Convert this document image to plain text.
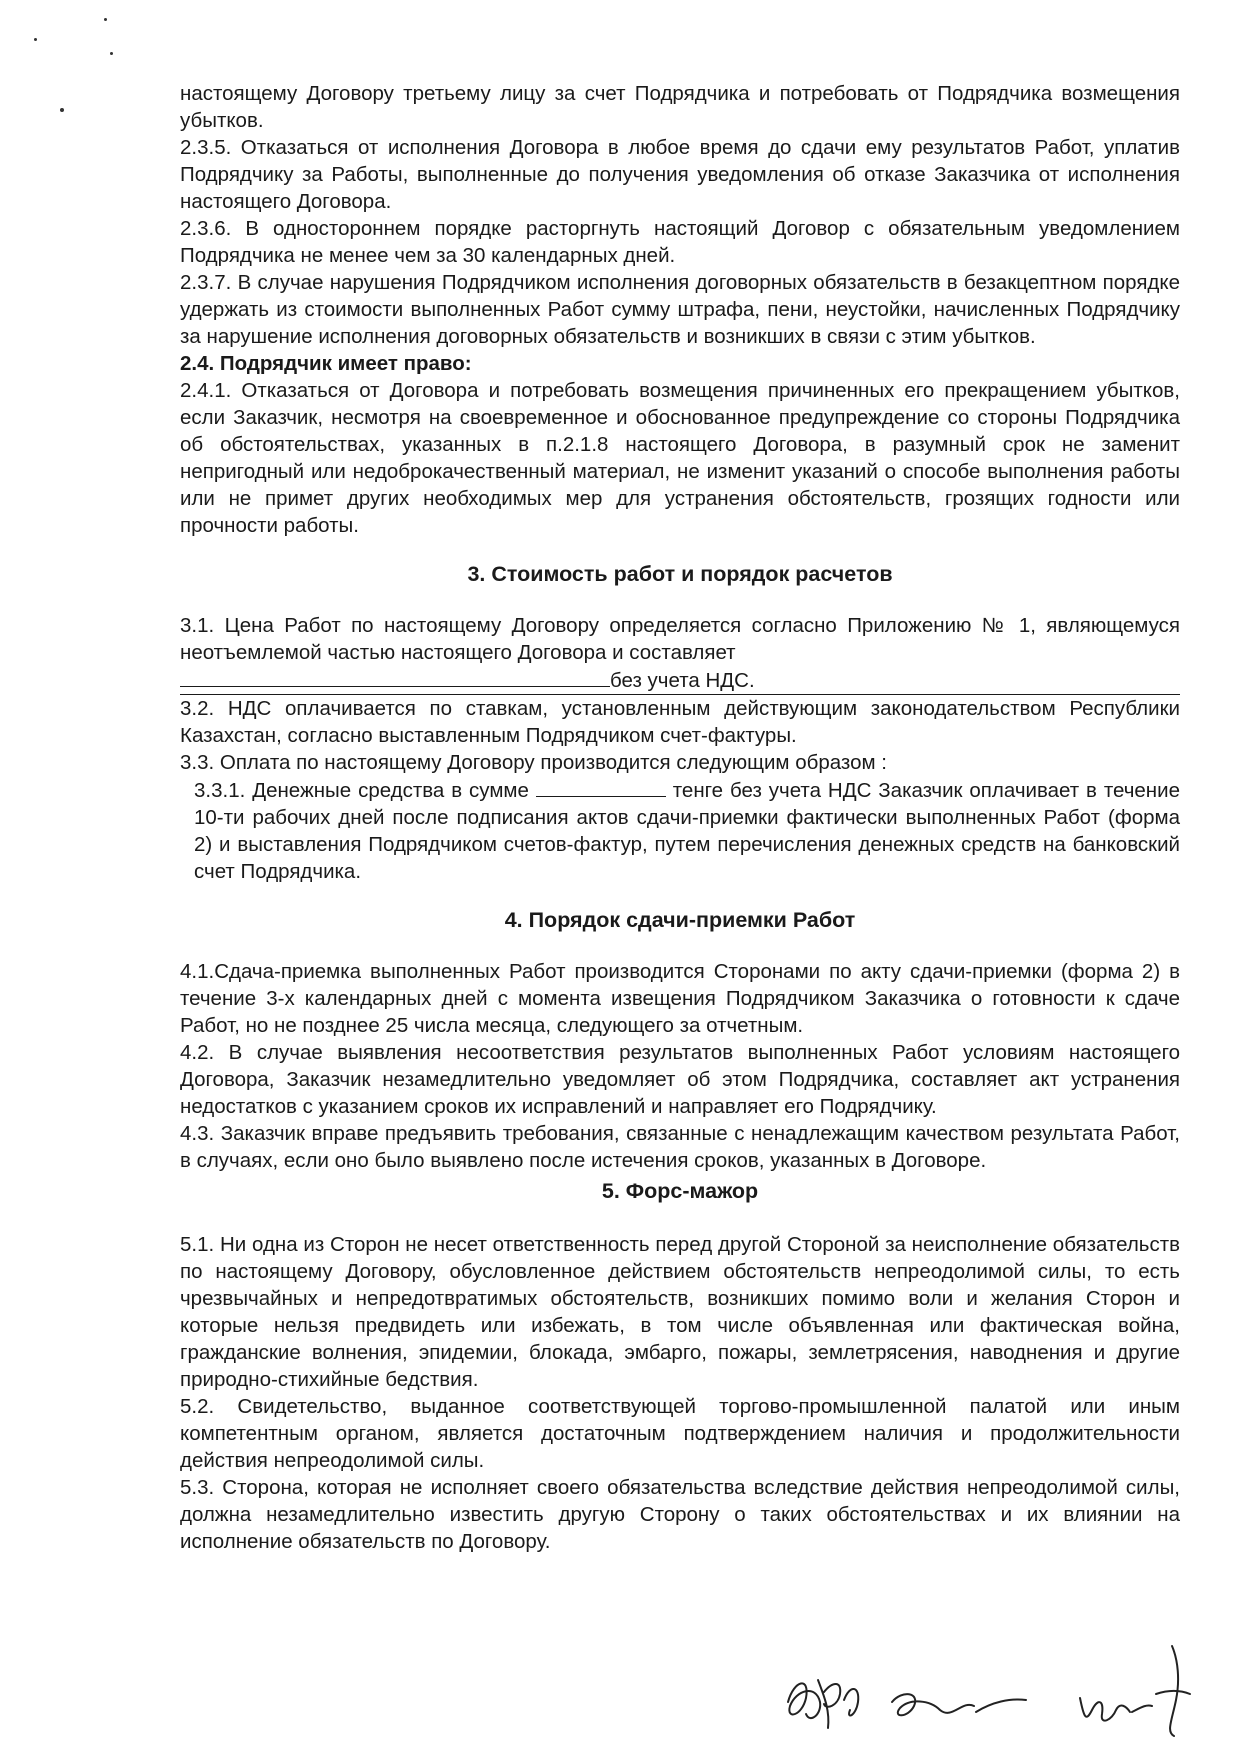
настоящему Договору третьему лицу за счет Подрядчика и потребовать от Подрядчика возмещения убытков.

2.3.5. Отказаться от исполнения Договора в любое время до сдачи ему результатов Работ, уплатив Подрядчику за Работы, выполненные до получения уведомления об отказе Заказчика от исполнения настоящего Договора.

2.3.6. В одностороннем порядке расторгнуть настоящий Договор с обязательным уведомлением Подрядчика не менее чем за 30 календарных дней.

2.3.7. В случае нарушения Подрядчиком исполнения договорных обязательств в безакцептном порядке удержать из стоимости выполненных Работ сумму штрафа, пени, неустойки, начисленных Подрядчику за нарушение исполнения договорных обязательств и возникших в связи с этим убытков.

2.4. Подрядчик имеет право:

2.4.1. Отказаться от Договора и потребовать возмещения причиненных его прекращением убытков, если Заказчик, несмотря на своевременное и обоснованное предупреждение со стороны Подрядчика об обстоятельствах, указанных в п.2.1.8 настоящего Договора, в разумный срок не заменит непригодный или недоброкачественный материал, не изменит указаний о способе выполнения работы или не примет других необходимых мер для устранения обстоятельств, грозящих годности или прочности работы.

3. Стоимость работ и порядок расчетов

3.1. Цена Работ по настоящему Договору определяется согласно Приложению № 1, являющемуся неотъемлемой частью настоящего Договора и составляет
без учета НДС.

3.2. НДС оплачивается по ставкам, установленным действующим законодательством Республики Казахстан, согласно выставленным Подрядчиком счет-фактуры.

3.3. Оплата по настоящему Договору производится следующим образом :

3.3.1. Денежные средства в сумме	тенге без учета НДС Заказчик оплачивает в течение 10-ти рабочих дней после подписания актов сдачи-приемки фактически выполненных Работ (форма 2) и выставления Подрядчиком счетов-фактур, путем перечисления денежных средств на банковский счет Подрядчика.

4. Порядок сдачи-приемки Работ

4.1.Сдача-приемка выполненных Работ производится Сторонами по акту сдачи-приемки (форма 2) в течение 3-х календарных дней с момента извещения Подрядчиком Заказчика о готовности к сдаче Работ, но не позднее 25 числа месяца, следующего за отчетным.

4.2. В случае выявления несоответствия результатов выполненных Работ условиям настоящего Договора, Заказчик незамедлительно уведомляет об этом Подрядчика, составляет акт устранения недостатков с указанием сроков их исправлений и направляет его Подрядчику.

4.3. Заказчик вправе предъявить требования, связанные с ненадлежащим качеством результата Работ, в случаях, если оно было выявлено после истечения сроков, указанных в Договоре.

5. Форс-мажор

5.1. Ни одна из Сторон не несет ответственность перед другой Стороной за неисполнение обязательств по настоящему Договору, обусловленное действием обстоятельств непреодолимой силы, то есть чрезвычайных и непредотвратимых обстоятельств, возникших помимо воли и желания Сторон и которые нельзя предвидеть или избежать, в том числе объявленная или фактическая война, гражданские волнения, эпидемии, блокада, эмбарго, пожары, землетрясения, наводнения и другие природно-стихийные бедствия.

5.2. Свидетельство, выданное соответствующей торгово-промышленной палатой или иным компетентным органом, является достаточным подтверждением наличия и продолжительности действия непреодолимой силы.

5.3. Сторона, которая не исполняет своего обязательства вследствие действия непреодолимой силы, должна незамедлительно известить другую Сторону о таких обстоятельствах и их влиянии на исполнение обязательств по Договору.
